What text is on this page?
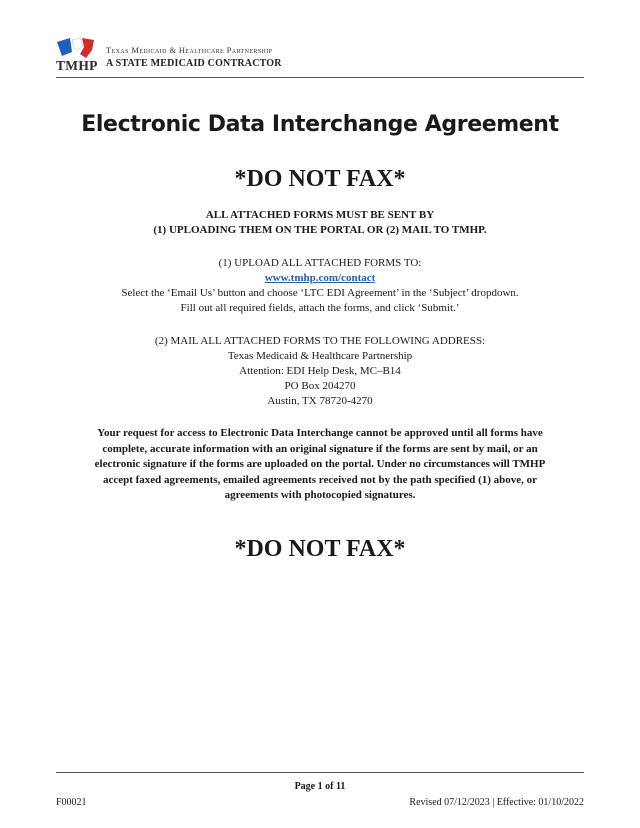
TMHP
Texas Medicaid & Healthcare Partnership
A STATE MEDICAID CONTRACTOR
Electronic Data Interchange Agreement
*DO NOT FAX*
ALL ATTACHED FORMS MUST BE SENT BY
(1) UPLOADING THEM ON THE PORTAL OR (2) MAIL TO TMHP.
(1) UPLOAD ALL ATTACHED FORMS TO:
www.tmhp.com/contact
Select the ‘Email Us’ button and choose ‘LTC EDI Agreement’ in the ‘Subject’ dropdown.
Fill out all required fields, attach the forms, and click ‘Submit.’
(2) MAIL ALL ATTACHED FORMS TO THE FOLLOWING ADDRESS:
Texas Medicaid & Healthcare Partnership
Attention: EDI Help Desk, MC–B14
PO Box 204270
Austin, TX 78720-4270
Your request for access to Electronic Data Interchange cannot be approved until all forms have
complete, accurate information with an original signature if the forms are sent by mail, or an
electronic signature if the forms are uploaded on the portal. Under no circumstances will TMHP
accept faxed agreements, emailed agreements received not by the path specified (1) above, or
agreements with photocopied signatures.
*DO NOT FAX*
Page 1 of 11
F00021	Revised 07/12/2023 | Effective: 01/10/2022
